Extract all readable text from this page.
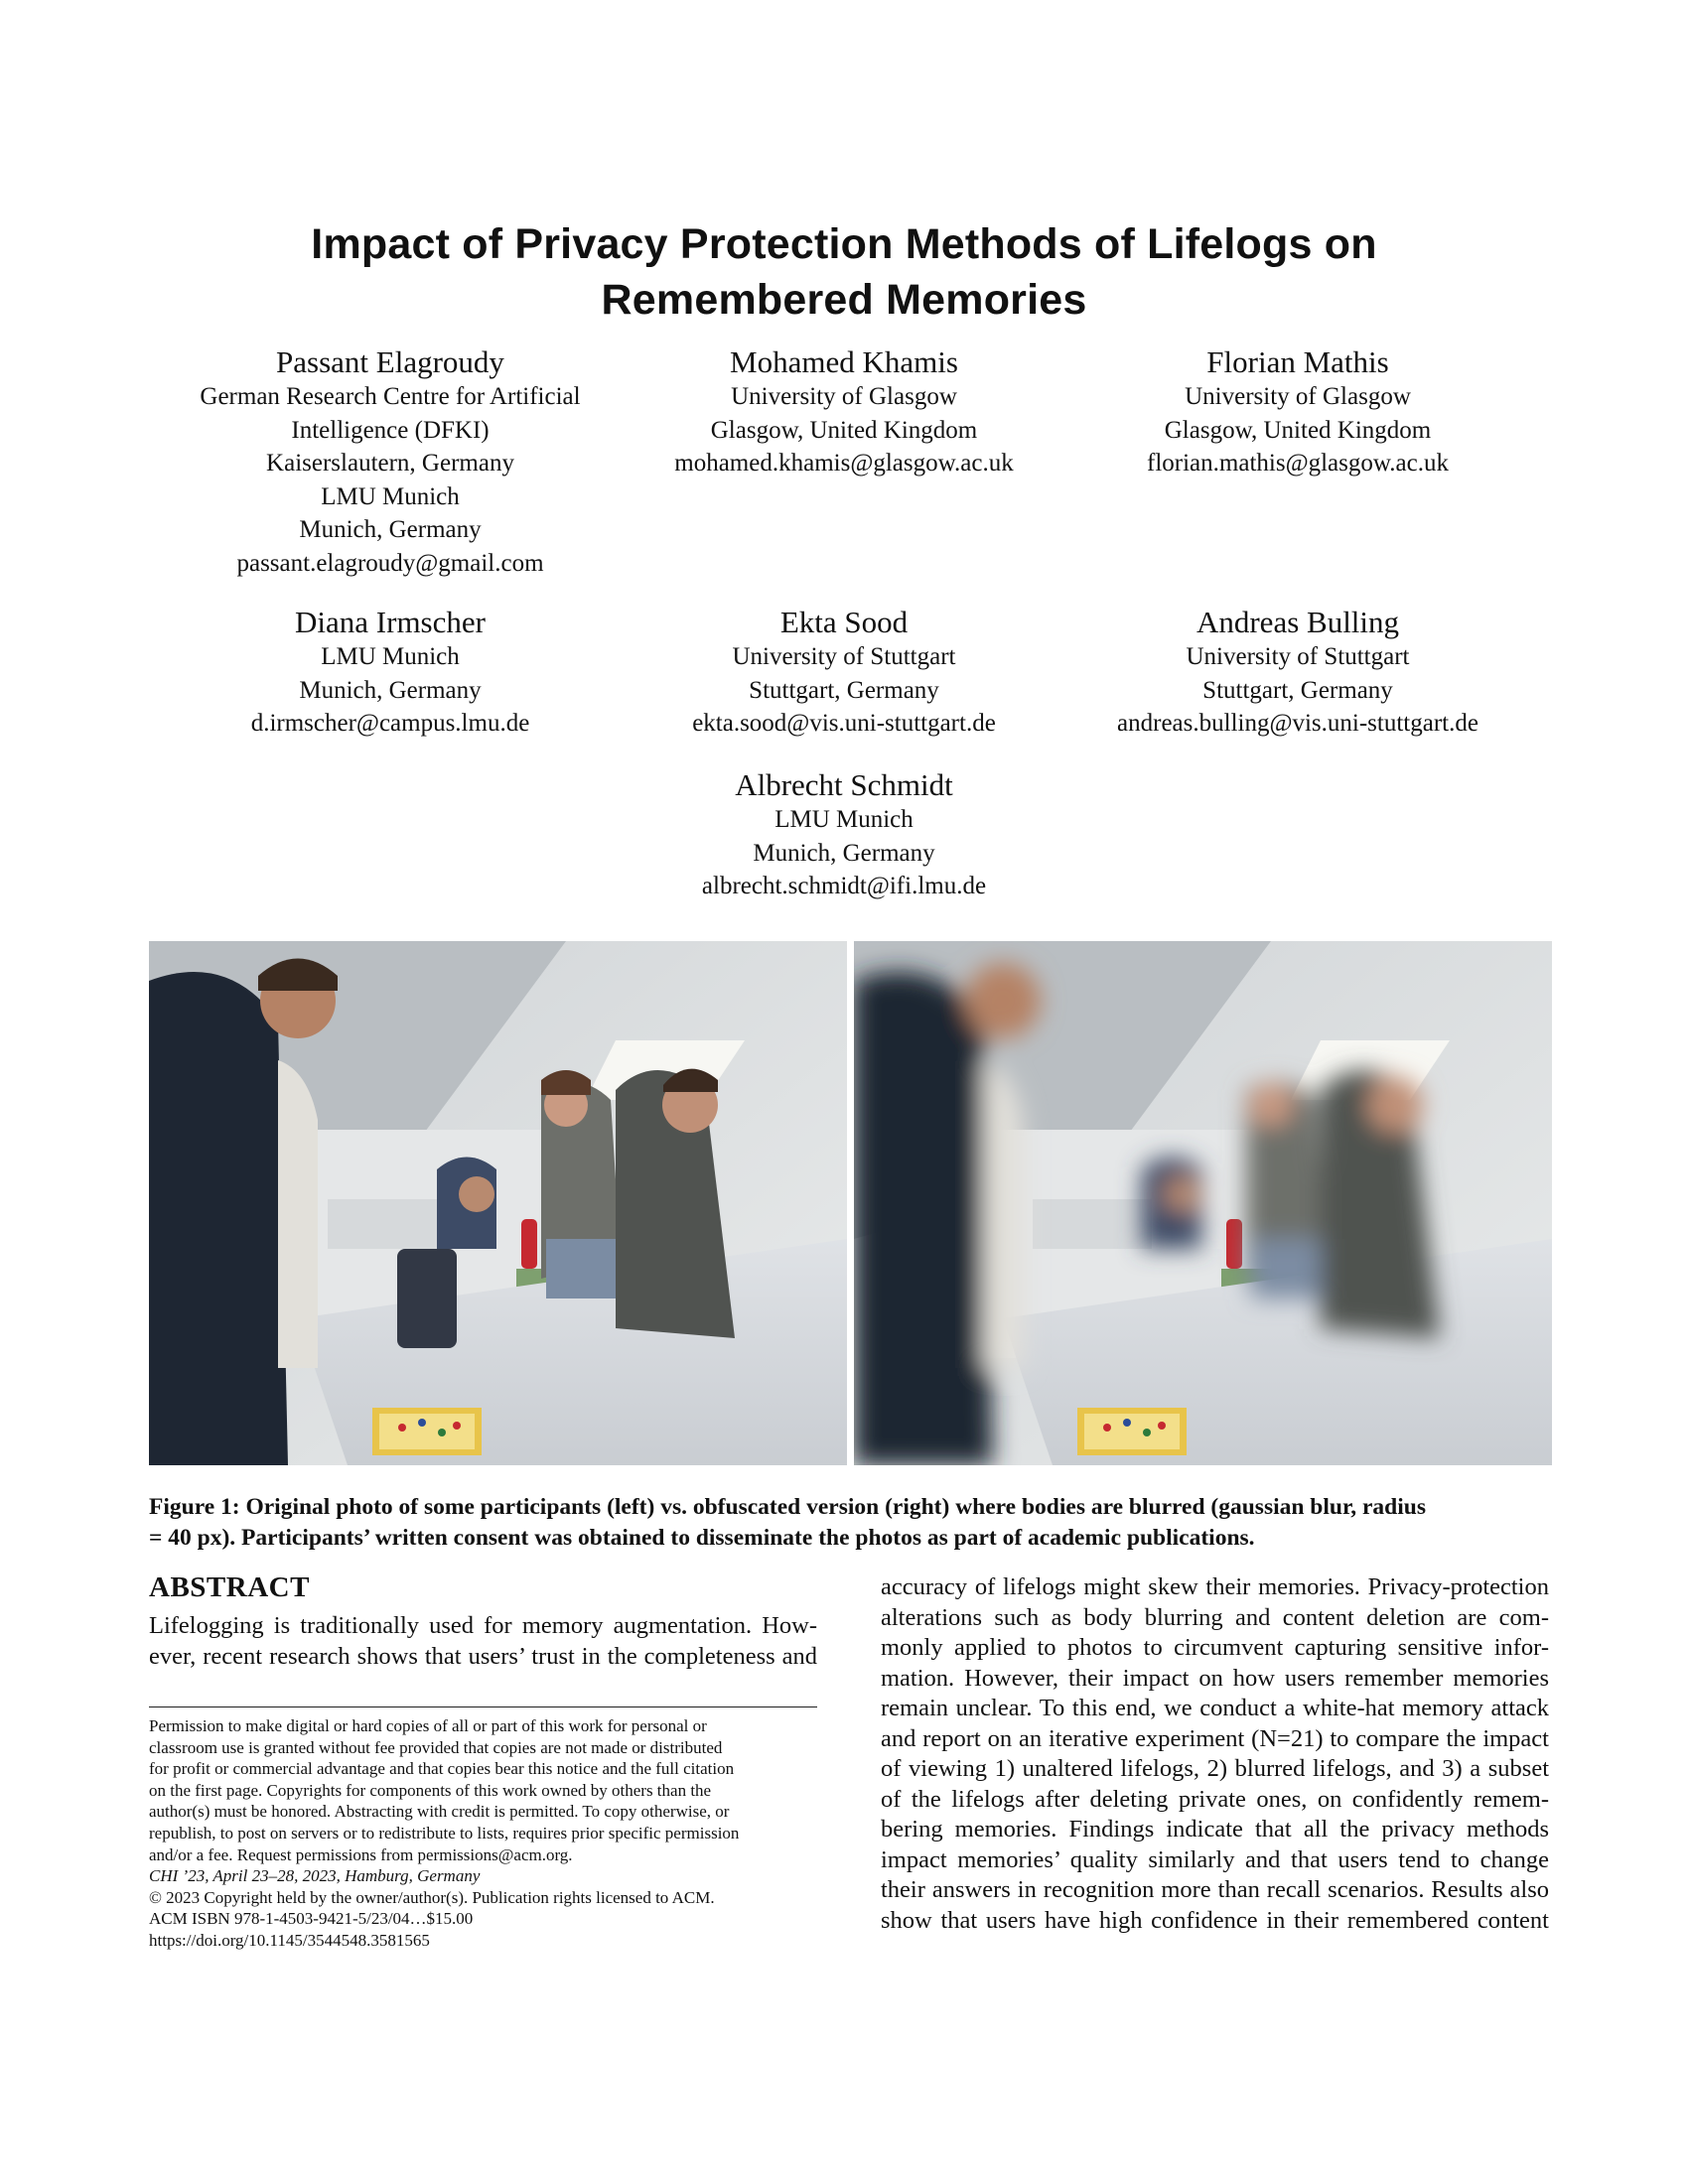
Impact of Privacy Protection Methods of Lifelogs on
Remembered Memories
Passant Elagroudy
German Research Centre for Artificial
Intelligence (DFKI)
Kaiserslautern, Germany
LMU Munich
Munich, Germany
passant.elagroudy@gmail.com
Mohamed Khamis
University of Glasgow
Glasgow, United Kingdom
mohamed.khamis@glasgow.ac.uk
Florian Mathis
University of Glasgow
Glasgow, United Kingdom
florian.mathis@glasgow.ac.uk
Diana Irmscher
LMU Munich
Munich, Germany
d.irmscher@campus.lmu.de
Ekta Sood
University of Stuttgart
Stuttgart, Germany
ekta.sood@vis.uni-stuttgart.de
Andreas Bulling
University of Stuttgart
Stuttgart, Germany
andreas.bulling@vis.uni-stuttgart.de
Albrecht Schmidt
LMU Munich
Munich, Germany
albrecht.schmidt@ifi.lmu.de
Figure 1: Original photo of some participants (left) vs. obfuscated version (right) where bodies are blurred (gaussian blur, radius
= 40 px). Participants’ written consent was obtained to disseminate the photos as part of academic publications.
ABSTRACT
Lifelogging is traditionally used for memory augmentation. How-
ever, recent research shows that users’ trust in the completeness and
accuracy of lifelogs might skew their memories. Privacy-protection
alterations such as body blurring and content deletion are com-
monly applied to photos to circumvent capturing sensitive infor-
mation. However, their impact on how users remember memories
remain unclear. To this end, we conduct a white-hat memory attack
and report on an iterative experiment (N=21) to compare the impact
of viewing 1) unaltered lifelogs, 2) blurred lifelogs, and 3) a subset
of the lifelogs after deleting private ones, on confidently remem-
bering memories. Findings indicate that all the privacy methods
impact memories’ quality similarly and that users tend to change
their answers in recognition more than recall scenarios. Results also
show that users have high confidence in their remembered content
Permission to make digital or hard copies of all or part of this work for personal or
classroom use is granted without fee provided that copies are not made or distributed
for profit or commercial advantage and that copies bear this notice and the full citation
on the first page. Copyrights for components of this work owned by others than the
author(s) must be honored. Abstracting with credit is permitted. To copy otherwise, or
republish, to post on servers or to redistribute to lists, requires prior specific permission
and/or a fee. Request permissions from permissions@acm.org.
CHI ’23, April 23–28, 2023, Hamburg, Germany
© 2023 Copyright held by the owner/author(s). Publication rights licensed to ACM.
ACM ISBN 978-1-4503-9421-5/23/04…$15.00
https://doi.org/10.1145/3544548.3581565
